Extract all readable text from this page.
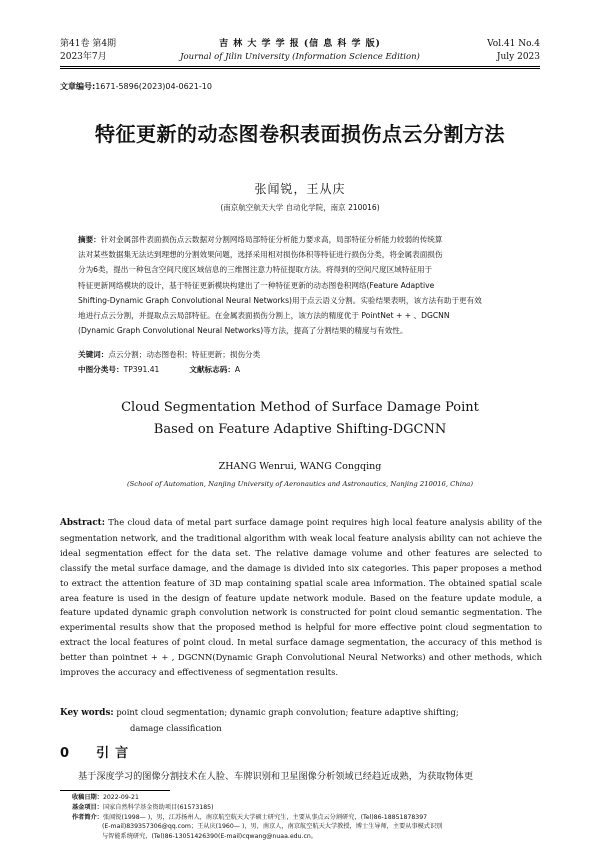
第41卷 第4期
2023年7月
吉 林 大 学 学 报 (信 息 科 学 版)
Journal of Jilin University (Information Science Edition)
Vol.41 No.4
July 2023
文章编号:1671-5896(2023)04-0621-10
特征更新的动态图卷积表面损伤点云分割方法
张闻锐，王从庆
(南京航空航天大学 自动化学院，南京 210016)
摘要：针对金属部件表面损伤点云数据对分割网络局部特征分析能力要求高，局部特征分析能力较弱的传统算
法对某些数据集无法达到理想的分割效果问题，选择采用相对损伤体积等特征进行损伤分类，将金属表面损伤
分为6类，提出一种包含空间尺度区域信息的三维图注意力特征提取方法。将得到的空间尺度区域特征用于
特征更新网络模块的设计，基于特征更新模块构建出了一种特征更新的动态图卷积网络(Feature Adaptive
Shifting-Dynamic Graph Convolutional Neural Networks)用于点云语义分割。实验结果表明，该方法有助于更有效
地进行点云分割，并提取点云局部特征。在金属表面损伤分割上，该方法的精度优于 PointNet + + 、DGCNN
(Dynamic Graph Convolutional Neural Networks)等方法，提高了分割结果的精度与有效性。
关键词：点云分割；动态图卷积；特征更新；损伤分类
中图分类号：TP391.41	文献标志码：A
Cloud Segmentation Method of Surface Damage Point
Based on Feature Adaptive Shifting-DGCNN
ZHANG Wenrui, WANG Congqing
(School of Automation, Nanjing University of Aeronautics and Astronautics, Nanjing 210016, China)
Abstract: The cloud data of metal part surface damage point requires high local feature analysis ability of the segmentation network, and the traditional algorithm with weak local feature analysis ability can not achieve the ideal segmentation effect for the data set. The relative damage volume and other features are selected to classify the metal surface damage, and the damage is divided into six categories. This paper proposes a method to extract the attention feature of 3D map containing spatial scale area information. The obtained spatial scale area feature is used in the design of feature update network module. Based on the feature update module, a feature updated dynamic graph convolution network is constructed for point cloud semantic segmentation. The experimental results show that the proposed method is helpful for more effective point cloud segmentation to extract the local features of point cloud. In metal surface damage segmentation, the accuracy of this method is better than pointnet + + , DGCNN(Dynamic Graph Convolutional Neural Networks) and other methods, which improves the accuracy and effectiveness of segmentation results.
Key words: point cloud segmentation; dynamic graph convolution; feature adaptive shifting;
damage classification
0 引言
基于深度学习的图像分割技术在人脸、车牌识别和卫星图像分析领域已经趋近成熟，为获取物体更
收稿日期：2022-09-21
基金项目：国家自然科学基金资助项目(61573185)
作者简介：张闻锐(1998— )，男，江苏扬州人，南京航空航天大学硕士研究生，主要从事点云分割研究，(Tel)86-18851878397
(E-mail)839357306@qq.com；王从庆(1960— )，男，南京人，南京航空航天大学教授，博士生导师，主要从事模式识别
与智能系统研究，(Tel)86-13051426390(E-mail)cqwang@nuaa.edu.cn。
